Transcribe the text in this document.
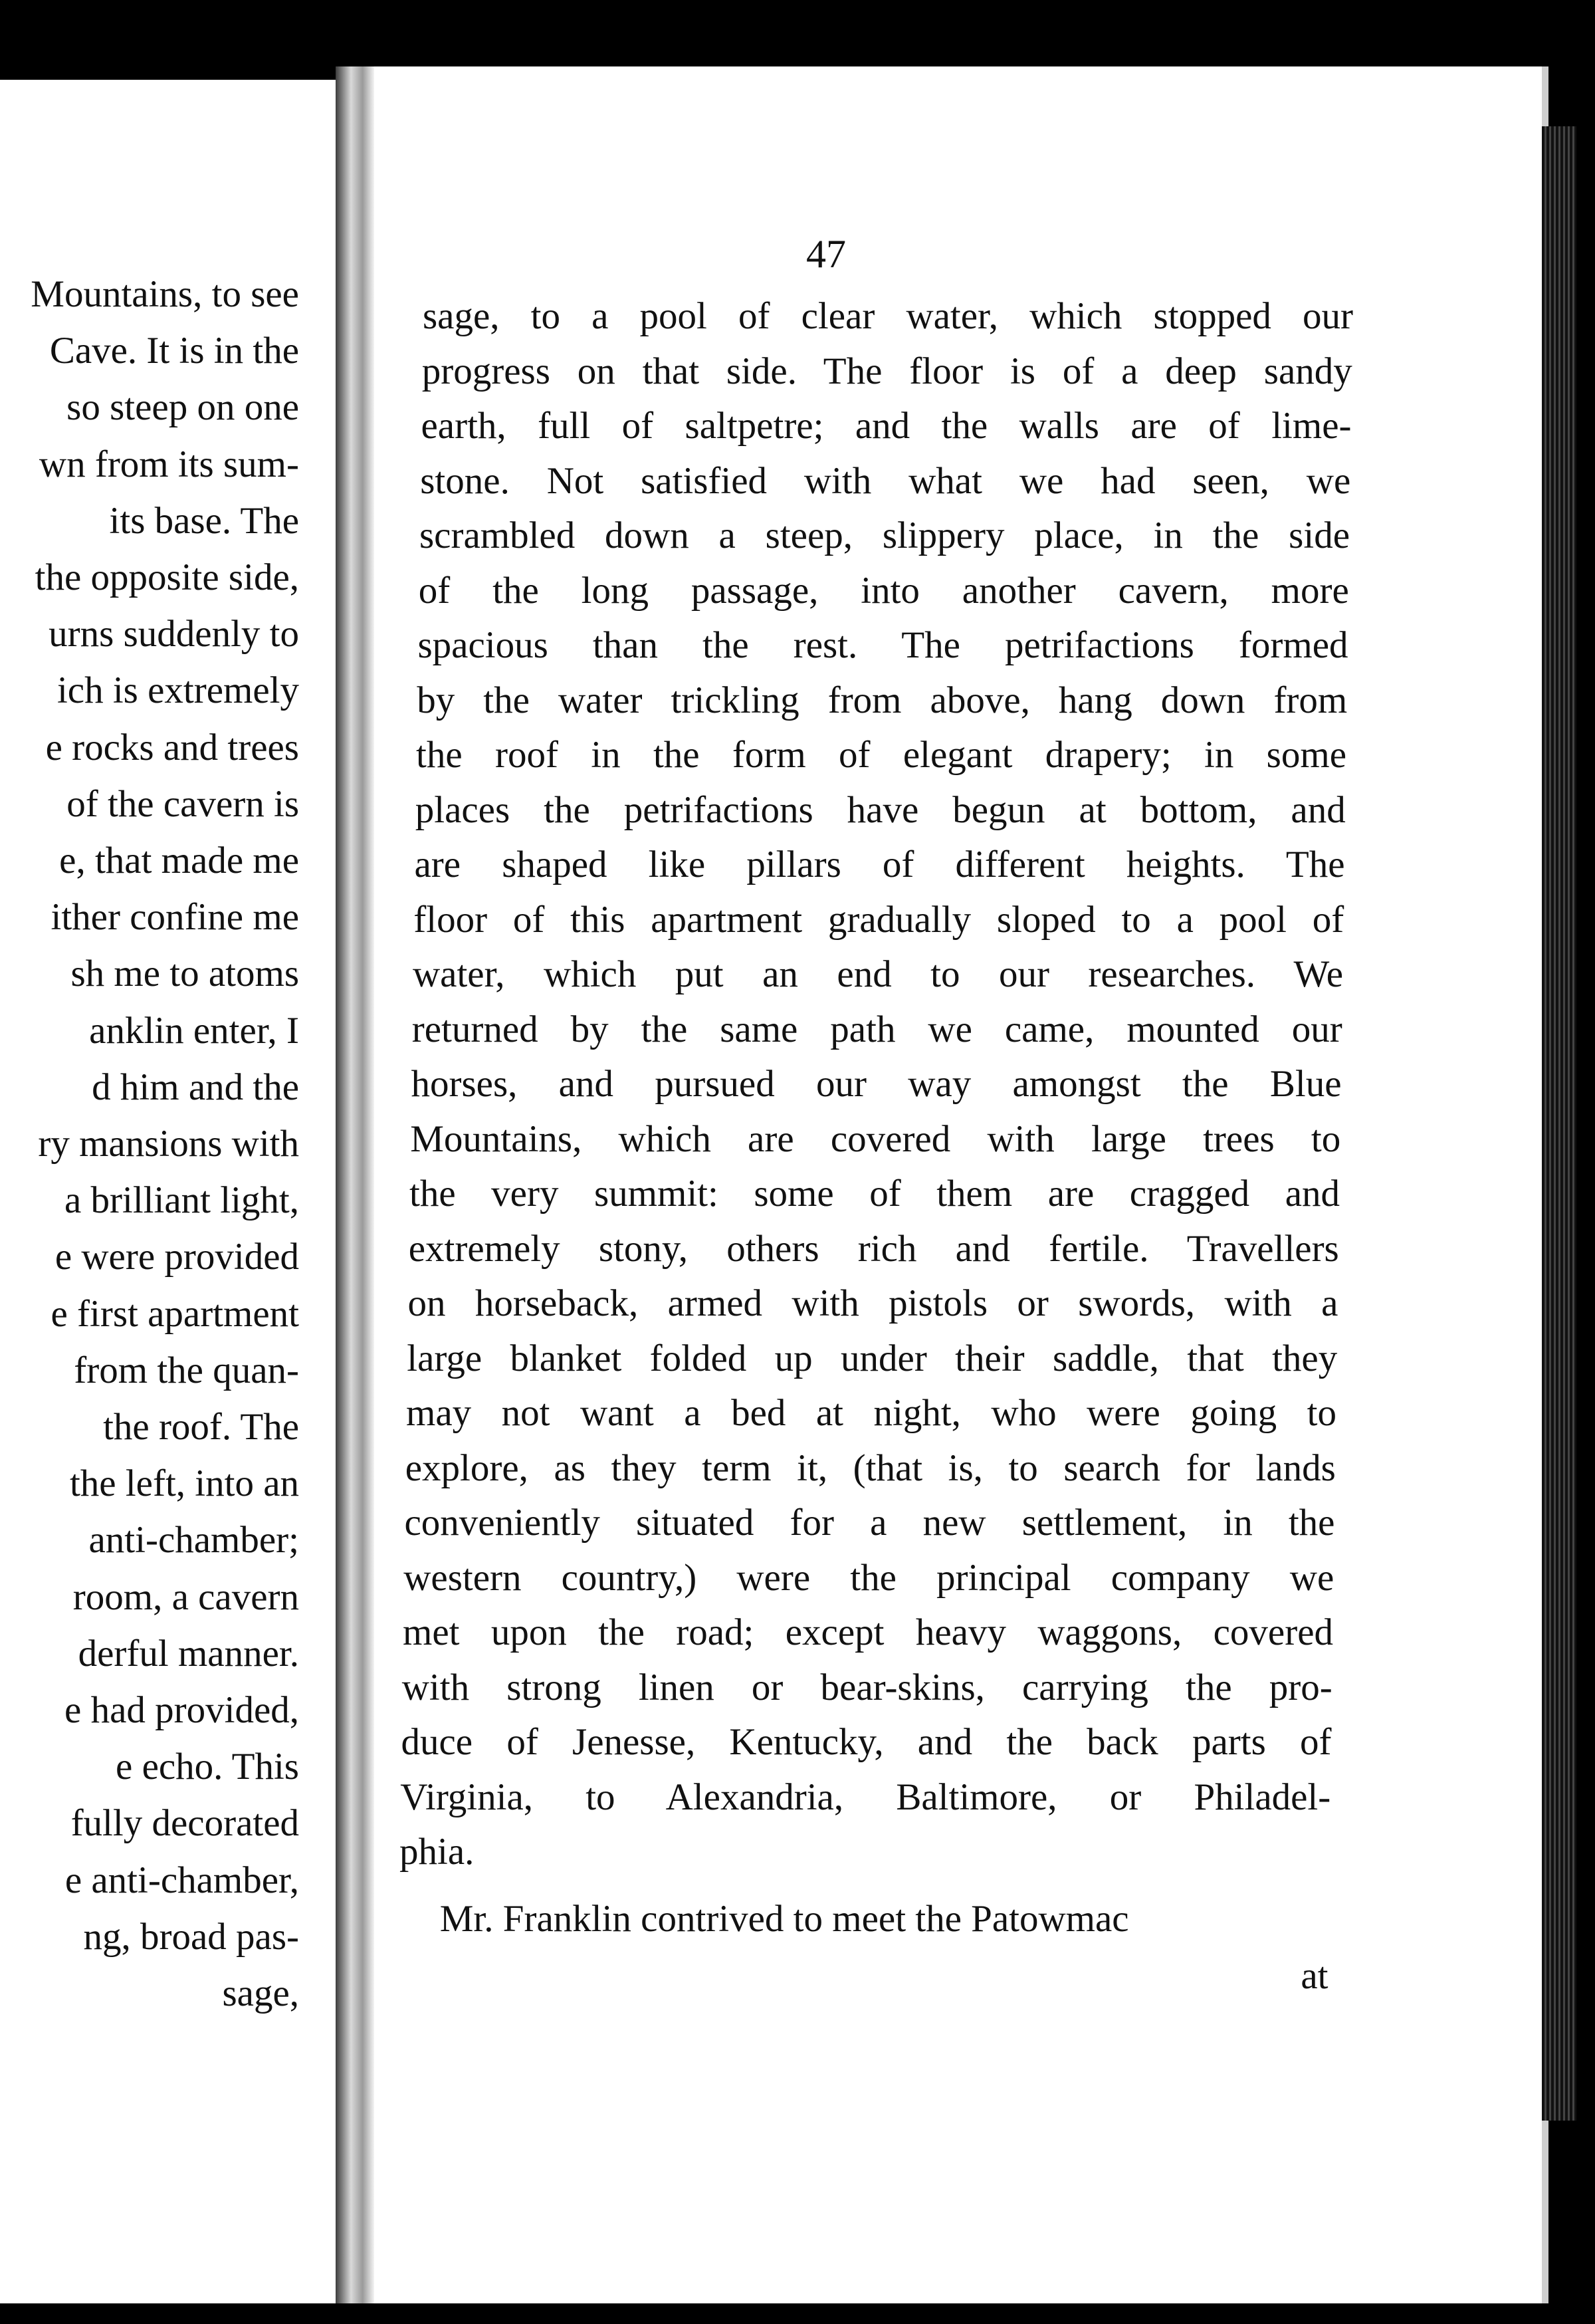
Mountains, to see

Cave. It is in the

so steep on one

wn from its sum-

its base. The

the opposite side,

urns suddenly to

ich is extremely

e rocks and trees

of the cavern is

e, that made me

ither confine me

sh me to atoms

anklin enter, I

d him and the

ry mansions with

a brilliant light,

e were provided

e first apartment

from the quan-

the roof. The

the left, into an

anti-chamber;

room, a cavern

derful manner.

e had provided,

e echo. This

fully decorated

e anti-chamber,

ng, broad pas-

sage,

47

sage, to a pool of clear water, which stopped our

progress on that side. The floor is of a deep sandy

earth, full of saltpetre; and the walls are of lime-

stone. Not satisfied with what we had seen, we

scrambled down a steep, slippery place, in the side

of the long passage, into another cavern, more

spacious than the rest. The petrifactions formed

by the water trickling from above, hang down from

the roof in the form of elegant drapery; in some

places the petrifactions have begun at bottom, and

are shaped like pillars of different heights. The

floor of this apartment gradually sloped to a pool of

water, which put an end to our researches. We

returned by the same path we came, mounted our

horses, and pursued our way amongst the Blue

Mountains, which are covered with large trees to

the very summit: some of them are cragged and

extremely stony, others rich and fertile. Travellers

on horseback, armed with pistols or swords, with a

large blanket folded up under their saddle, that they

may not want a bed at night, who were going to

explore, as they term it, (that is, to search for lands

conveniently situated for a new settlement, in the

western country,) were the principal company we

met upon the road; except heavy waggons, covered

with strong linen or bear-skins, carrying the pro-

duce of Jenesse, Kentucky, and the back parts of

Virginia, to Alexandria, Baltimore, or Philadel-

phia.

Mr. Franklin contrived to meet the Patowmac

at
